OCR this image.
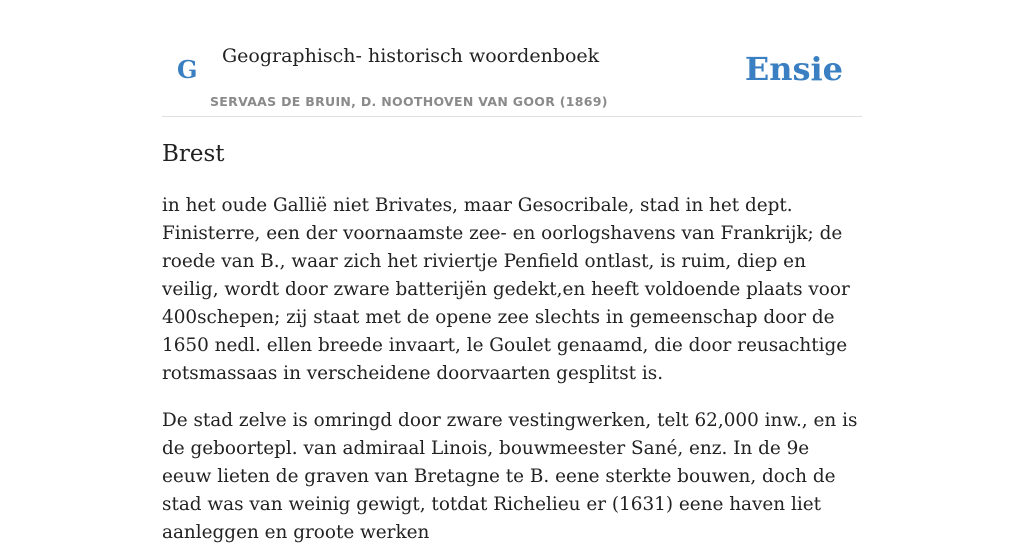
G Geographisch- historisch woordenboek
SERVAAS DE BRUIN, D. NOOTHOVEN VAN GOOR (1869)
Ensie
Brest

in het oude Gallië niet Brivates, maar Gesocribale, stad in het dept. Finisterre, een der voornaamste zee- en oorlogshavens van Frankrijk; de roede van B., waar zich het riviertje Penfield ontlast, is ruim, diep en veilig, wordt door zware batterijën gedekt,en heeft voldoende plaats voor 400schepen; zij staat met de opene zee slechts in gemeenschap door de 1650 nedl. ellen breede invaart, le Goulet genaamd, die door reusachtige rotsmassaas in verscheidene doorvaarten gesplitst is.

De stad zelve is omringd door zware vestingwerken, telt 62,000 inw., en is de geboortepl. van admiraal Linois, bouwmeester Sané, enz. In de 9e eeuw lieten de graven van Bretagne te B. eene sterkte bouwen, doch de stad was van weinig gewigt, totdat Richelieu er (1631) eene haven liet aanleggen en groote werken
